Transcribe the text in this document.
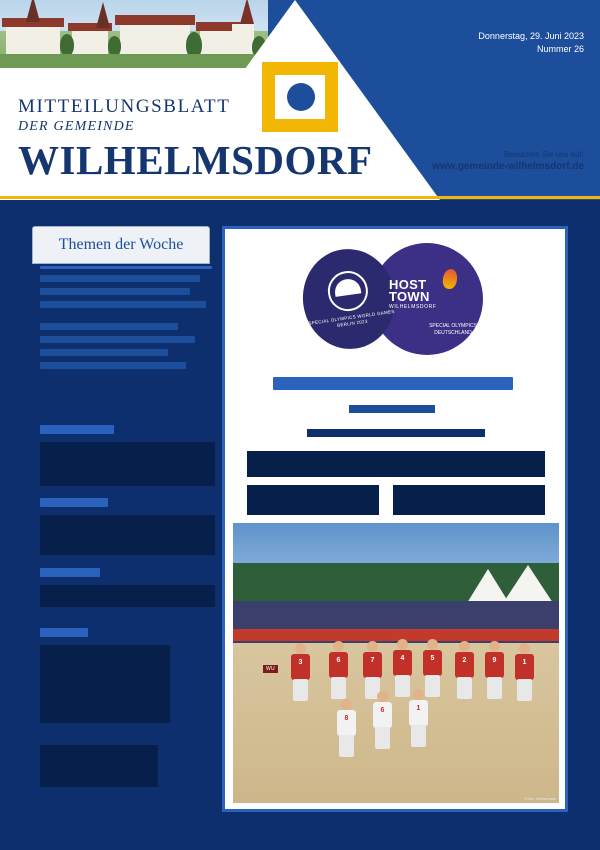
Donnerstag, 29. Juni 2023
Nummer 26
MITTEILUNGSBLATT
DER GEMEINDE
WILHELMSDORF	Besuchen Sie uns auf:
www.gemeinde-wilhelmsdorf.de
Themen der Woche
SPECIAL OLYMPICS WORLD GAMES BERLIN 2023
HOST
TOWN
WILHELMSDORF
SPECIAL OLYMPICS DEUTSCHLAND
WU
3	6	7	4	5	2	9	1
6	1
8
Foto: Gemeinde
